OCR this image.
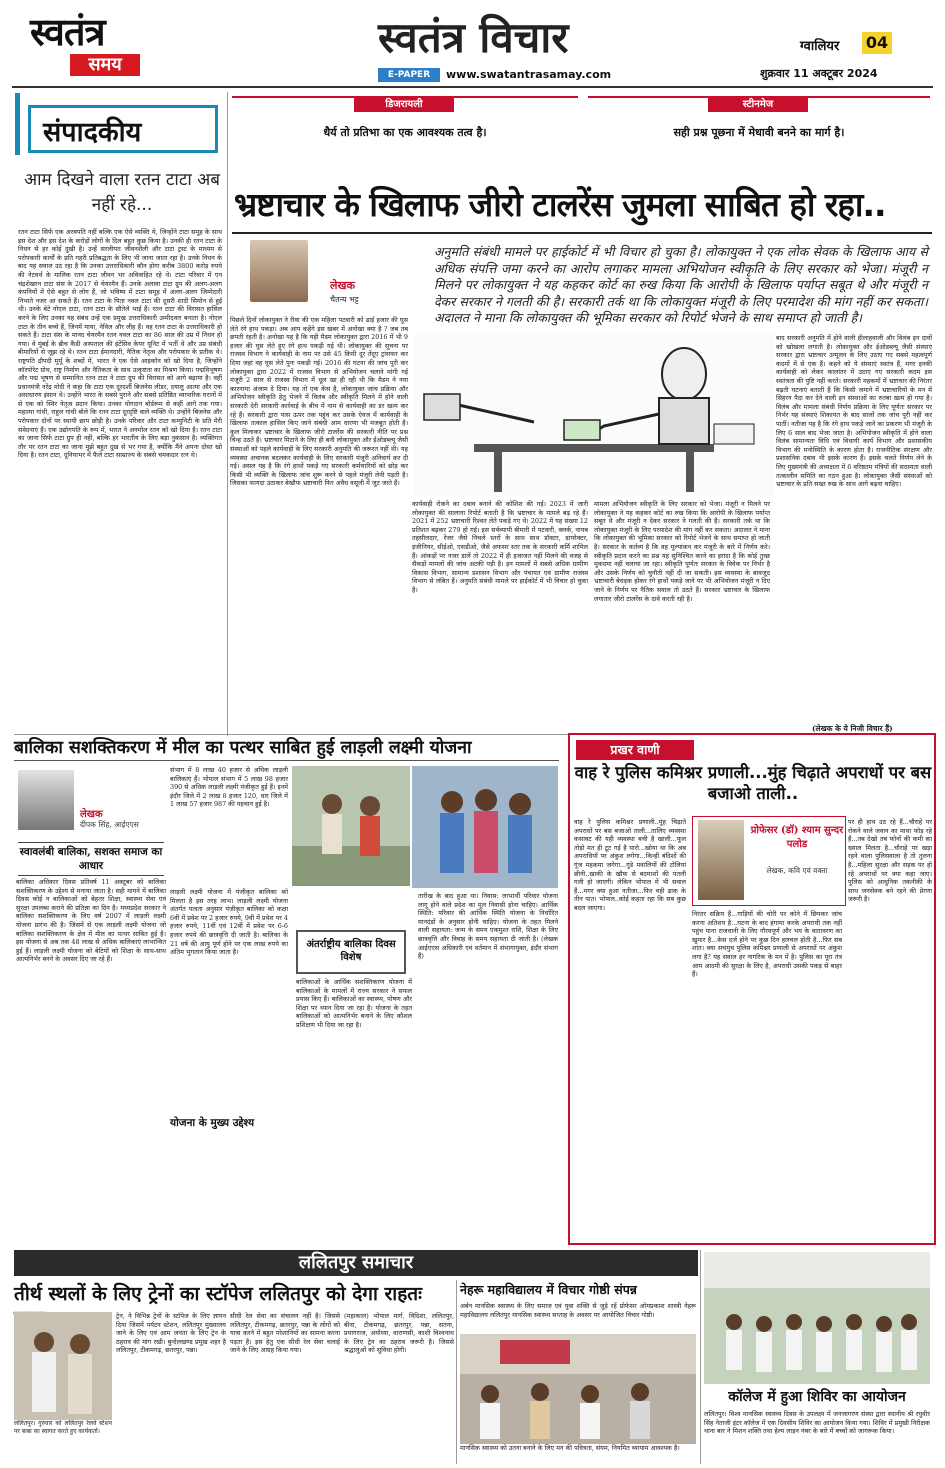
स्वतंत्र
समय
स्वतंत्र विचार
E-PAPER	www.swatantrasamay.com
ग्वालियर 04
शुक्रवार 11 अक्टूबर 2024
संपादकीय
आम दिखने वाला रतन टाटा अब नहीं रहे...
रतन टाटा सिर्फ एक अरबपति नहीं बल्कि एक ऐसे व्यक्ति थे, जिन्होंने टाटा समूह के साथ इस देश और इस देश के करोड़ों लोगों के दिल बहुत कुछ किया है। उनकी ही रतन टाटा के निधन से हर कोई दुखी है। उन्हें सरलीयत जीवनशैली और टाटा ट्रस्ट के माध्यम से परोपकारी कार्यों के प्रति गहरी प्रतिबद्धता के लिए भी जाना जाता रहा है। उनके निधन के बाद यह सवाल उठ रहा है कि उनका उत्तराधिकारी कौन होगा करीब 3800 करोड़ रुपये की नेटवर्थ के मालिक रतन टाटा जीवन भर अविवाहित रहे थे। टाटा परिवार में एन चंद्रशेखरन टाटा संस के 2017 से चेयरमैन हैं। उनके अलावा टाटा ग्रुप की अलग-अलग कंपनियों में ऐसे बहुत से लोग हैं, जो भविष्य में टाटा समूह में अलग-अलग जिम्मेदारी निभाते नजर आ सकते हैं। रतन टाटा के पिता नवल टाटा की दूसरी शादी सिमोन से हुई थी। उनके बेटे नोएल टाटा, रतन टाटा के सौतेले भाई हैं। रतन टाटा की विरासत हासिल करने के लिए उनका यह संबंध उन्हें एक प्रमुख उत्तराधिकारी उम्मीदवार बनाता है। नोएल टाटा के तीन बच्चे हैं, जिनमें माया, नेविल और लीह हैं। वह रतन टाटा के उत्तराधिकारी हो सकते हैं। टाटा संस के मानद चेयरमैन रतन नवल टाटा का 86 साल की उम्र में निधन हो गया। वे मुंबई के ब्रीच कैंडी अस्पताल की इंटेंसिव केयर यूनिट में भर्ती थे और उम्र संबंधी बीमारियों से जूझ रहे थे। रतन टाटा ईमानदारी, नैतिक नेतृत्व और परोपकार के प्रतीक थे। राष्ट्रपति द्रौपदी मुर्मू के शब्दों में, भारत ने एक ऐसे आइकॉन को खो दिया है, जिन्होंने कॉरपोरेट ग्रोथ, राष्ट्र निर्माण और नैतिकता के साथ उत्कृष्टता का मिश्रण किया। पद्मविभूषण और पद्म भूषण से सम्मानित रतन टाटा ने टाटा ग्रुप की विरासत को आगे बढ़ाया है। वहीं प्रधानमंत्री नरेंद्र मोदी ने कहा कि टाटा एक दूरदर्शी बिजनेस लीडर, दयालु आत्मा और एक असाधारण इंसान थे। उन्होंने भारत के सबसे पुराने और सबसे प्रतिष्ठित व्यापारिक घरानों में से एक को स्थिर नेतृत्व प्रदान किया। उनका योगदान बोर्डरूम से कहीं आगे तक गया। महात्मा गांधी, राहुल गांधी बोले कि रतन टाटा दूरदृष्टि वाले व्यक्ति थे। उन्होंने बिजनेस और परोपकार दोनों पर स्थायी छाप छोड़ी है। उनके परिवार और टाटा कम्युनिटी के प्रति मेरी संवेदनाएं हैं। एक उद्योगपति के रूप में, भारत ने अनमोल रतन को खो दिया है। रतन टाटा का जाना सिर्फ टाटा ग्रुप ही नहीं, बल्कि हर भारतीय के लिए बड़ा नुकसान है। व्यक्तिगत तौर पर रतन टाटा का जाना मुझे बहुत दुख से भर गया है, क्योंकि मैंने अपना दोस्त खो दिया है। रतन टाटा, दुनियाभर में फैले टाटा साम्राज्य के सबसे चमकदार रत्न थे।
डिजरायली
धैर्य तो प्रतिभा का एक आवश्यक तत्व है।
स्टीनमेज
सही प्रश्न पूछना में मेधावी बनने का मार्ग है।
भ्रष्टाचार के खिलाफ जीरो टालरेंस जुमला साबित हो रहा..
लेखक
चैतन्य भट्ट
अनुमति संबंधी मामले पर हाईकोर्ट में भी विचार हो चुका है। लोकायुक्त ने एक लोक सेवक के खिलाफ आय से अधिक संपत्ति जमा करने का आरोप लगाकर मामला अभियोजन स्वीकृति के लिए सरकार को भेजा। मंजूरी न मिलने पर लोकायुक्त ने यह कहकर कोर्ट का रुख किया कि आरोपी के खिलाफ पर्याप्त सबूत थे और मंजूरी न देकर सरकार ने गलती की है। सरकारी तर्क था कि लोकायुक्त मंजूरी के लिए परमादेश की मांग नहीं कर सकता। अदालत ने माना कि लोकायुक्त की भूमिका सरकार को रिपोर्ट भेजने के साथ समाप्त हो जाती है।
पिछले दिनों लोकायुक्त ने रीवा की एक महिला पटवारी को ढाई हजार की घूस लेते रंगे हाथ पकड़ा। अब आप कहेंगे इस खबर में अनोखा क्या है ? जब तब छपती रहती है। अनोखा यह है कि यही मैडम लोकायुक्त द्वारा 2016 में भी 9 हजार की घूस लेते हुए रंगे हाथ पकड़ी गई थी। लोकायुक्त की सूचना पर राजस्व विभाग ने कार्यवाही के नाम पर उसे 45 किमी दूर तेंदूए ट्रांसफर कर दिया जहां वह घूस लेते पुनः पकड़ी गई। 2016 की घटना की जांच पूरी कर लोकायुक्त द्वारा 2022 में राजस्व विभाग से अभियोजन चलाने मांगी गई मंजूरी 2 साल से राजस्व विभाग में धूल खा ही रही थी कि मैडम ने नया कारनामा अंजाम दे दिया। यह तो एक केस है, लोकायुक्त जांच प्रक्रिया और अभियोजन स्वीकृति हेतु भेजने में विलंब और स्वीकृति मिलने में होने वाली सरकारी देरी सरकारी कार्रवाई के बीच में नाम से कार्यवाही का डर खत्म कर रहे हैं। सरकारी द्वारा पास ऊपर तक पहुंच कर उसके ऐवज में कार्यवाही के खिलाफ तत्काल हासिल किए जाने संबंधी आम धारणा भी मजबूत होती है। कुल मिलाकर भ्रष्टाचार के खिलाफ जीरो टालरेंस की सरकारी नीति पर प्रश्न चिन्ह उठते हैं। भ्रष्टाचार मिटाने के लिए ही बनी लोकायुक्त और ईओडब्ल्यू जैसी संस्थाओं को पहले कार्यवाही के लिए सरकारी अनुमति की जरूरत नहीं थी। यह व्यवस्था अचानक बदलकर कार्यवाही के लिए सरकारी मंजूरी अनिवार्य कर दी गई। असल यह है कि रंगे हाथों पकड़े गए सरकारी कर्मचारियों को छोड़ कर किसी भी व्यक्ति के खिलाफ जांच शुरू करने से पहले मंजूरी लेनी पड़ती है। जिसका फायदा उठाकर बेखौफ भ्रष्टाचारी फिर अवैध वसूली में जुट जाते हैं।
कार्यवाही रोकने का दबाव बनाने की कोशिश की गई। 2023 में जारी लोकायुक्त की सालाना रिपोर्ट बताती है कि भ्रष्टाचार के मामले बढ़ रहे हैं। 2021 में 252 भ्रष्टाचारी रिश्वत लेते पकड़े गए थे। 2022 में यह संख्या 12 प्रतिशत बढ़कर 279 हो गई। इस सर्वव्यापी बीमारी में पटवारी, क्लर्क, नायब तहसीलदार, रेंजर जैसे निचले स्तरों के साथ साथ डॉक्टर, डायरेक्टर, इंजीनियर, सीईओ, एसडीओ, जैसे अफसर स्तर तक के सरकारी कर्मि शामिल हैं। आंकड़ों पर नजर डालें तो 2022 में ही इजाजत नहीं मिलने की वजह से सैकड़ों मामलों की जांच अटकी पड़ी है। इन मामलों में सबसे अधिक ग्रामीण विकास विभाग, सामान्य प्रशासन विभाग और पंचायत एवं ग्रामीण राजस्व विभाग से लंबित हैं। अनुमति संबंधी मामले पर हाईकोर्ट में भी विचार हो चुका है।
मामला अभियोजन स्वीकृति के लिए सरकार को भेजा। मंजूरी न मिलने पर लोकायुक्त ने यह कहकर कोर्ट का रुख किया कि आरोपी के खिलाफ पर्याप्त सबूत थे और मंजूरी न देकर सरकार ने गलती की है। सरकारी तर्क था कि लोकायुक्त मंजूरी के लिए परमादेश की मांग नहीं कर सकता। अदालत ने माना कि लोकायुक्त की भूमिका सरकार को रिपोर्ट भेजने के साथ समाप्त हो जाती है। सरकार के कर्तव्य है कि वह मूल्यांकन कर मंजूरी के बारे में निर्णय करे। स्वीकृति प्रदान करने का प्रश्न यह सुनिश्चित करने का इरादा है कि कोई तुच्छ मुकदमा नहीं चलाया जा रहा। स्वीकृति पूर्णतः सरकार के विवेक पर निर्भर है और उसके निर्णय को चुनौती नहीं दी जा सकती। इस व्यवस्था के बावजूद भ्रष्टाचारी बेधड़क होकर रंगे हाथों पकड़े जाने पर भी अभियोजन मंजूरी न दिए जाने के निर्णय पर नैतिक सवाल तो उठते हैं। सरकार भ्रष्टाचार के खिलाफ लगातार जीरो टालरेंस के दावे करती रही है।
बाद सरकारी अनुमति में होने वाली हीलाहवाली और विलंब इन दावों को खोखला लगाती है। लोकायुक्त और ईओडब्ल्यू जैसी संस्थाएं सरकार द्वारा भ्रष्टाचार उन्मूलन के लिए उठाए गए सबसे महत्वपूर्ण कदमों में से एक हैं। कहने को ये संस्थाएं स्वतंत्र हैं, मगर इनकी कार्यवाही को लेकर कालांतर में उठाए गए सरकारी कदम इस स्वतंत्रता की पुष्टि नहीं करते। सरकारी महकमों में भ्रष्टाचार की निरंतर बढ़ती घटनाएं बताती हैं कि किसी जमाने में भ्रष्टाचारियों के मन में सिहरन पैदा कर देने वाली इन संस्थाओं का रुतबा खत्म हो गया है। विलंब और मामला संबंधी निर्णय प्रक्रिया के लिए पूर्णतः सरकार पर निर्भर यह संस्थाएं शिकायत के बाद सालों तक जांच पूरी नहीं कर पातीं। नतीजा यह है कि रंगे हाथ पकड़े जाने का प्रकरण भी मंजूरी के लिए 6 साल बाद भेजा जाता है। अभियोजन स्वीकृति में होने वाला विलंब सामान्यतः विधि एवं विधायी कार्य विभाग और प्रशासकीय विभाग की मनोस्थिति के कारण होता है। राजनीतिक संरक्षण और प्रशासनिक दबाव भी इसके कारण हैं। इसके चलते निर्णय लेने के लिए मुख्यमंत्री की अध्यक्षता में 6 वरिष्ठतम मंत्रियों की सदस्यता वाली तत्कालीन समिति का गठन हुआ है। लोकायुक्त जैसी संस्थाओं को भ्रष्टाचार के प्रति सख्त रुख के साथ आगे बढ़ना चाहिए।
(लेखक के ये निजी विचार हैं)
बालिका सशक्तिकरण में मील का पत्थर साबित हुई लाड़ली लक्ष्मी योजना
लेखक
दीपक सिंह, आईएएस
स्वावलंबी बालिका, सशक्त समाज का आधार
बालिका अधिकार दिवस प्रतिवर्ष 11 अक्टूबर को बालिका सशक्तिकरण के उद्देश्य से मनाया जाता है। सही मायने में बालिका दिवस कोई न बालिकाओं को बेहतर शिक्षा, स्वास्थ्य सेवा एवं सुरक्षा उपलब्ध कराने की प्रतिज्ञा का दिन है। मध्यप्रदेश सरकार ने बालिका सशक्तिकरण के लिए वर्ष 2007 में लाड़ली लक्ष्मी योजना प्रारंभ की है। जिसमें से एक लाड़ली लक्ष्मी योजना जो बालिका सशक्तिकरण के क्षेत्र में मील का पत्थर साबित हुई है। इस योजना से अब तक 48 लाख से अधिक बालिकाएं लाभान्वित हुई हैं। लाड़ली लक्ष्मी योजना को बेटियों को शिक्षा के साथ-साथ आत्मनिर्भर बनने के अवसर दिए जा रहे हैं।
संभाग में 8 लाख 40 हजार से अधिक लाड़ली बालिकाएं हैं। भोपाल संभाग में 5 लाख 98 हजार 390 से अधिक लाड़ली लक्ष्मी पंजीकृत हुई हैं। इनमें इंदौर जिले में 2 लाख 8 हजार 120, धार जिले में 1 लाख 57 हजार 987 की पहचान हुई है।
लाड़ली लक्ष्मी योजना में पंजीकृत बालिका को मिलता है इस तरह लाभ। लाड़ली लक्ष्मी योजना अंतर्गत पात्रता अनुसार पंजीकृत बालिका को कक्षा 6वीं में प्रवेश पर 2 हजार रुपये, 9वीं में प्रवेश पर 4 हजार रुपये, 11वीं एवं 12वीं में प्रवेश पर 6-6 हजार रुपये की छात्रवृत्ति दी जाती है। बालिका के 21 वर्ष की आयु पूर्ण होने पर एक लाख रुपये का अंतिम भुगतान किया जाता है।
योजना के मुख्य उद्देश्य
अंतर्राष्ट्रीय बालिका दिवस विशेष
बालिकाओं के आर्थिक सशक्तिकरण योजना में बालिकाओं के मामलों में राज्य सरकार ने सफल प्रयास किए हैं। बालिकाओं का स्वास्थ्य, पोषण और शिक्षा पर ध्यान दिया जा रहा है। योजना के तहत बालिकाओं को आत्मनिर्भर बनाने के लिए कौशल प्रशिक्षण भी दिया जा रहा है।
तारीख के बाद हुआ था। निवास: लाभार्थी परिवार योजना लागू होने वाले प्रदेश का मूल निवासी होना चाहिए। आर्थिक स्थिति: परिवार की आर्थिक स्थिति योजना के निर्धारित मानदंडों के अनुसार होनी चाहिए। योजना के तहत मिलने वाली सहायता: जन्म के समय एकमुश्त राशि, शिक्षा के लिए छात्रवृत्ति और विवाह के समय सहायता दी जाती है। (लेखक आईएएस अधिकारी एवं वर्तमान में संभागायुक्त, इंदौर संभाग हैं)
प्रखर वाणी
वाह रे पुलिस कमिश्नर प्रणाली...मुंह चिढ़ाते अपराधों पर बस बजाओ ताली..
प्रोफेसर (डॉ) श्याम सुन्दर पलोड
लेखक, कवि एवं वक्ता
वाह रे पुलिस कमिश्नर प्रणाली..मुंह चिढ़ाते अपराधों पर बस बजाओ ताली...तालिए व्यवस्था कसावट की यही व्यवस्था बची है खाली...फूल तोड़ो मत ही टूट गई है यारो...खोया था कि अब अपराधियों पर अंकुश लगेगा...किन्हीं बंदिशों की गूंज महकमा जगेगा...गुंडे मवालियों की टोलियां छीनी..खाकी के खौफ से बदमाशों की पतली गली हो जाएगी। लेकिन भोपाल में भी सवाल हैं...मगर क्या हुआ नतीजा...फिर वही ढाक के तीन पात। भोपाल..कोई कहता रहा कि सब कुछ बदल जाएगा।
निरंतर सक्रिय हैं...गाड़ियों की चोरी पर कोने में छिपकर जांच करना अतिशय है...घटना के बाद हंगामा करके अपराधी तक नहीं पहुंच पाना राजधानी के लिए गौरवपूर्ण और भय के वातावरण का खुमार है...केस दर्ज होने पर कुछ दिन हलचल होती है...फिर सब शांत। क्या सचमुच पुलिस कमिश्नर प्रणाली से अपराधों पर अंकुश लगा है? यह सवाल हर नागरिक के मन में है। पुलिस का पूरा तंत्र आम आदमी की सुरक्षा के लिए है, अपराधी उसकी पकड़ से बाहर हैं।
पर ही हाथ उठ रहे हैं...चौराहे पर रोकने वाले जवान का माथा फोड़ रहे हैं...तब देखो तब फोनों की कमी का ख्याल मिलता है...चौराहे पर खड़ा रहने वाला पुलिसवाला है तो तुलना है...महिला सुरक्षा और सड़क पर हो रहे अपराधों पर क्या कहा जाए। पुलिस को आधुनिक तकनीकी के साथ जनसेवक बने रहने की प्रेरणा जरूरी है।
ललितपुर समाचार
तीर्थ स्थलों के लिए ट्रेनों का स्टॉपेज ललितपुर को देगा राहतः
ललितपुर। गुरुवार को ललितपुर रेलवे स्टेशन पर बाबा का स्वागत करते हुए कार्यकर्ता।
ट्रेन, ने विभिन्न ट्रेनों के स्टॉपेज के लिए ज्ञापन दिया जिसमें पर्यटन स्टेशन, ललितपुर मुख्यालय जाने के लिए एवं आम जनता के लिए ट्रेन के ठहराव की मांग रखी। बुन्देलखण्ड प्रमुख शहर है ललितपुर, टीकमगढ़, छतरपुर, पन्ना।
सीधी रेल सेवा का संचालन नहीं है। जिससे ललितपुर, टीकमगढ़, छतरपुर, पन्ना के लोगों को यात्रा करने में बहुत परेशानियों का सामना करना पड़ता है। इस हेतु एक सीधी रेल सेवा चलाई जाने के लिए आग्रह किया गया।
(महाकाल) भोपाल मार्ग, विदिशा, ललितपुर, बीना, टीकमगढ़, छतरपुर, पन्ना, सतना, प्रयागराज, अयोध्या, वाराणसी, काशी विश्वनाथ के लिए ट्रेन का ठहराव जरूरी है। जिससे श्रद्धालुओं को सुविधा होगी।
नेहरू महाविद्यालय में विचार गोष्ठी संपन्न
अर्बन मानसिक स्वास्थ्य के लिए समाज एवं युवा शक्ति से जुड़े रहें प्रोफेसर ओमप्रकाश शास्त्री नेहरू महाविद्यालय ललितपुर मानसिक स्वास्थ्य सप्ताह के अवसर पर आयोजित विचार गोष्ठी।
मानसिक स्वास्थ्य को उतना बनाने के लिए मन की पवित्रता, संयम, नियमित व्यायाम आवश्यक है।
कॉलेज में हुआ शिविर का आयोजन
ललितपुर। विश्व मानसिक स्वास्थ्य दिवस के उपलक्ष्य में जनजागरण संस्था द्वारा स्थानीय श्री रघुवीर सिंह नेताजी इंटर कॉलेज में एक दिवसीय शिविर का आयोजन किया गया। शिविर में प्रमुखी निरीक्षक थाना बार ने मिशन शक्ति तथा हेल्प लाइन नंबर के बारे में बच्चों को जागरूक किया।
